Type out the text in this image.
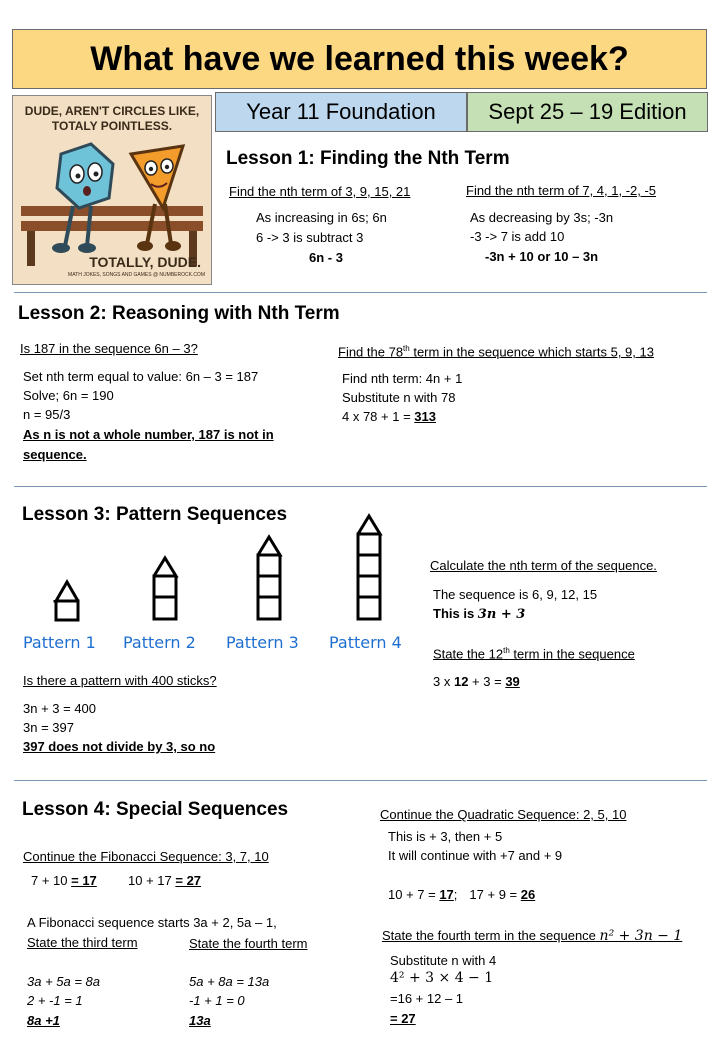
What have we learned this week?
Year 11 Foundation	Sept 25 – 19 Edition
DUDE, AREN'T CIRCLES LIKE,
TOTALY POINTLESS.
TOTALLY, DUDE.
MATH JOKES, SONGS AND GAMES @ NUMBEROCK.COM
Lesson 1: Finding the Nth Term
Find the nth term of 3, 9, 15, 21
As increasing in 6s; 6n
6 -> 3 is subtract 3
6n - 3
Find the nth term of 7, 4, 1, -2, -5
As decreasing by 3s; -3n
-3 -> 7 is add 10
-3n + 10 or 10 – 3n
Lesson 2: Reasoning with Nth Term
Is 187 in the sequence 6n – 3?
Set nth term equal to value: 6n – 3 = 187
Solve; 6n = 190
n = 95/3
As n is not a whole number, 187 is not in
sequence.
Find the 78th term in the sequence which starts 5, 9, 13
Find nth term: 4n + 1
Substitute n with 78
4 x 78 + 1 = 313
Lesson 3: Pattern Sequences
Pattern 1 Pattern 2 Pattern 3 Pattern 4
Is there a pattern with 400 sticks?
3n + 3 = 400
3n = 397
397 does not divide by 3, so no
Calculate the nth term of the sequence.
The sequence is 6, 9, 12, 15
This is 3n + 3
State the 12th term in the sequence
3 x 12 + 3 = 39
Lesson 4: Special Sequences
Continue the Fibonacci Sequence: 3, 7, 10
7 + 10 = 17 10 + 17 = 27
A Fibonacci sequence starts 3a + 2, 5a – 1,
State the third term
3a + 5a = 8a
2 + -1 = 1
8a +1
State the fourth term
5a + 8a = 13a
-1 + 1 = 0
13a
Continue the Quadratic Sequence: 2, 5, 10
This is + 3, then + 5
It will continue with +7 and + 9
10 + 7 = 17; 17 + 9 = 26
State the fourth term in the sequence n² + 3n − 1
Substitute n with 4
4² + 3 × 4 − 1
=16 + 12 – 1
= 27
